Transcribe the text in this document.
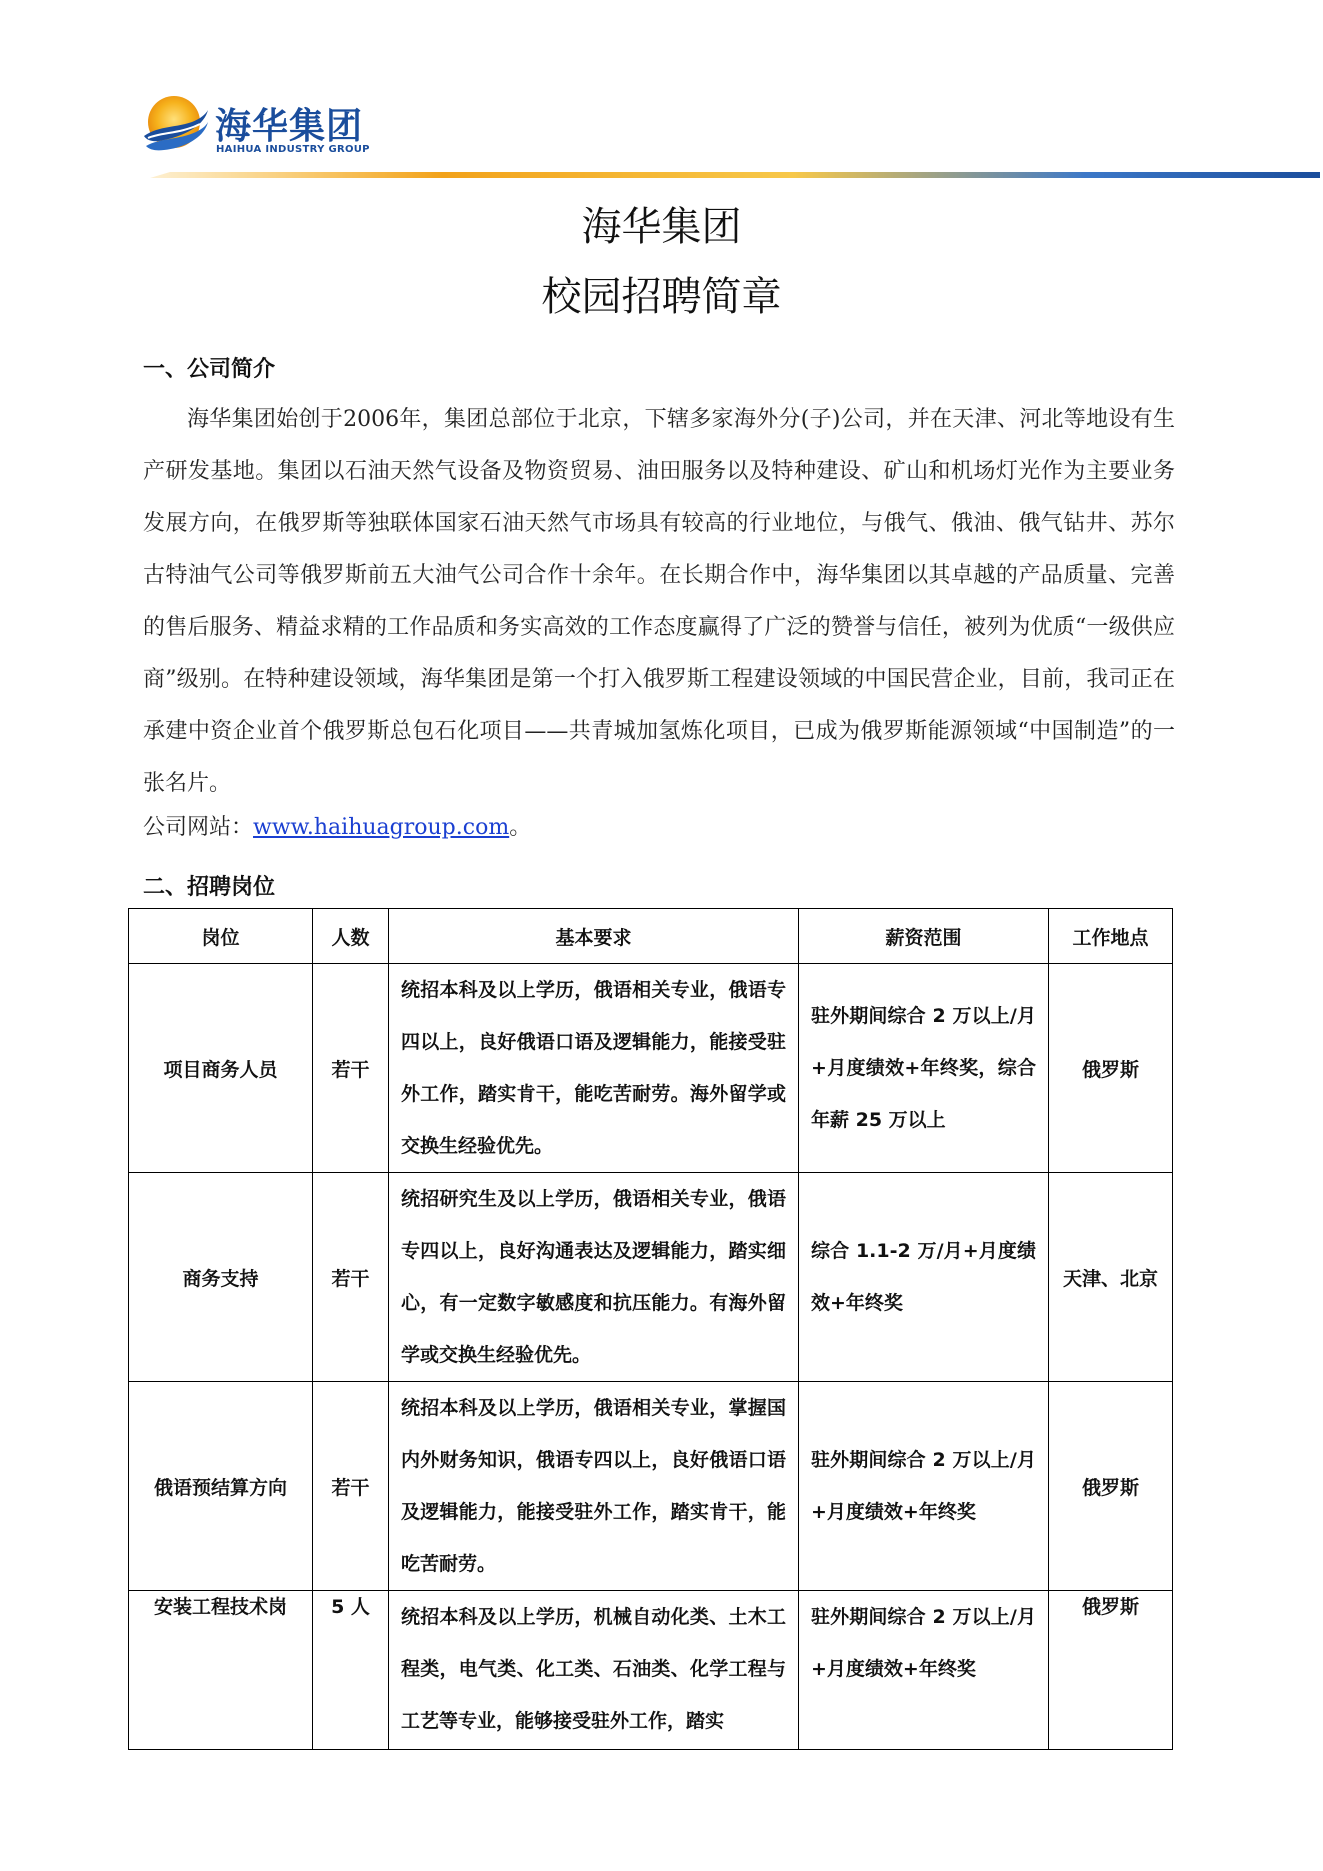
海华集团
HAIHUA INDUSTRY GROUP
海华集团
校园招聘简章
一、公司简介

海华集团始创于2006年，集团总部位于北京，下辖多家海外分(子)公司，并在天津、河北等地设有生产研发基地。集团以石油天然气设备及物资贸易、油田服务以及特种建设、矿山和机场灯光作为主要业务发展方向，在俄罗斯等独联体国家石油天然气市场具有较高的行业地位，与俄气、俄油、俄气钻井、苏尔古特油气公司等俄罗斯前五大油气公司合作十余年。在长期合作中，海华集团以其卓越的产品质量、完善的售后服务、精益求精的工作品质和务实高效的工作态度赢得了广泛的赞誉与信任，被列为优质“一级供应商”级别。在特种建设领域，海华集团是第一个打入俄罗斯工程建设领域的中国民营企业，目前，我司正在承建中资企业首个俄罗斯总包石化项目——共青城加氢炼化项目，已成为俄罗斯能源领域“中国制造”的一张名片。

公司网站：www.haihuagroup.com。
二、招聘岗位
岗位	人数	基本要求	薪资范围	工作地点
项目商务人员	若干	统招本科及以上学历，俄语相关专业，俄语专四以上，良好俄语口语及逻辑能力，能接受驻外工作，踏实肯干，能吃苦耐劳。海外留学或交换生经验优先。	驻外期间综合 2 万以上/月+月度绩效+年终奖，综合年薪 25 万以上	俄罗斯
商务支持	若干	统招研究生及以上学历，俄语相关专业，俄语专四以上，良好沟通表达及逻辑能力，踏实细心，有一定数字敏感度和抗压能力。有海外留学或交换生经验优先。	综合 1.1-2 万/月+月度绩效+年终奖	天津、北京
俄语预结算方向	若干	统招本科及以上学历，俄语相关专业，掌握国内外财务知识，俄语专四以上，良好俄语口语及逻辑能力，能接受驻外工作，踏实肯干，能吃苦耐劳。	驻外期间综合 2 万以上/月+月度绩效+年终奖	俄罗斯
安装工程技术岗	5 人	统招本科及以上学历，机械自动化类、土木工程类，电气类、化工类、石油类、化学工程与工艺等专业，能够接受驻外工作，踏实	驻外期间综合 2 万以上/月+月度绩效+年终奖	俄罗斯
